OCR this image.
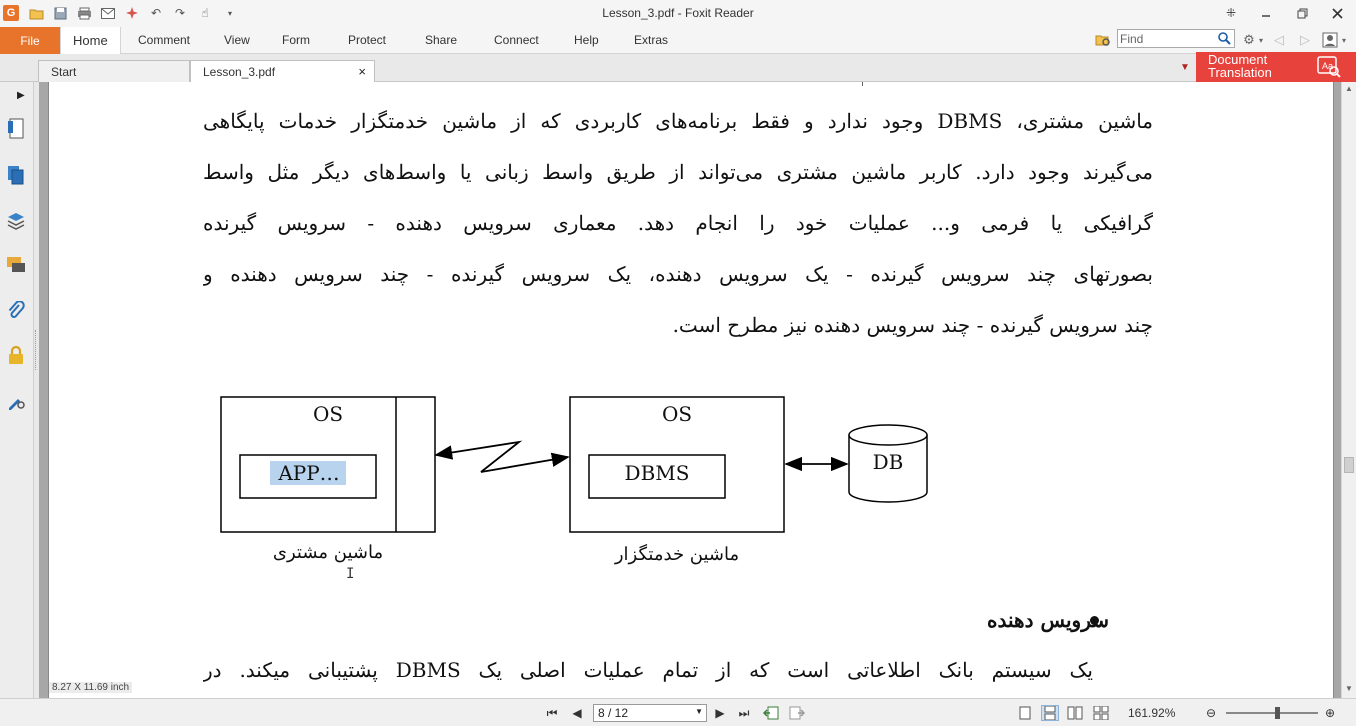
G	↶ ↷	☝	▾	Lesson_3.pdf - Foxit Reader	⁜
File	Home	Comment	View	Form	Protect	Share	Connect	Help	Extras
Find	⚙ ▾ ◁	▷	▾
Start	Lesson_3.pdf	×	▼
Document
Translation	Aa
▶
ماشین مشتری، DBMS وجود ندارد و فقط برنامه‌های کاربردی که از ماشین خدمتگزار خدمات پایگاهی
می‌گیرند وجود دارد. کاربر ماشین مشتری می‌تواند از طریق واسط زبانی یا واسط‌های دیگر مثل واسط
گرافیکی یا فرمی و... عملیات خود را انجام دهد. معماری سرویس دهنده - سرویس گیرنده
بصورتهای چند سرویس گیرنده - یک سرویس دهنده، یک سرویس گیرنده - چند سرویس دهنده و
چند سرویس گیرنده - چند سرویس دهنده نیز مطرح است.
OS
APP…
OS
DBMS	DB
ماشین مشتری	ماشین خدمتگزار
I
سرویس دهنده
یک سیستم بانک اطلاعاتی است که از تمام عملیات اصلی یک DBMS پشتیبانی میکند. در
8.27 X 11.69 inch
▲
▼
⏮	◀	8 / 12	▼	▶	⏭	161.92%	⊖	⊕
